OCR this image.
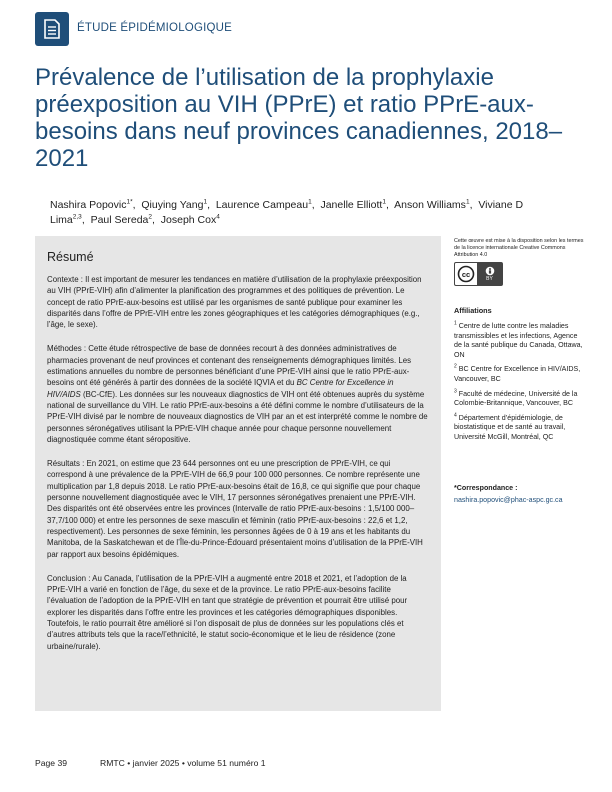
ÉTUDE ÉPIDÉMIOLOGIQUE
Prévalence de l’utilisation de la prophylaxie préexposition au VIH (PPrE) et ratio PPrE-aux-besoins dans neuf provinces canadiennes, 2018–2021
Nashira Popovic$^{1*}$,  Qiuying Yang$^1$,  Laurence Campeau$^1$,  Janelle Elliott$^1$,  Anson Williams$^1$,  Viviane D Lima$^{2,3}$,  Paul Sereda$^2$,  Joseph Cox$^4$
Résumé

Contexte : Il est important de mesurer les tendances en matière d’utilisation de la prophylaxie préexposition au VIH (PPrE-VIH) afin d’alimenter la planification des programmes et des politiques de prévention. Le concept de ratio PPrE-aux-besoins est utilisé par les organismes de santé publique pour examiner les disparités dans l’offre de PPrE-VIH entre les zones géographiques et les catégories démographiques (e.g., l’âge, le sexe).

Méthodes : Cette étude rétrospective de base de données recourt à des données administratives de pharmacies provenant de neuf provinces et contenant des renseignements démographiques limités. Les estimations annuelles du nombre de personnes bénéficiant d’une PPrE-VIH ainsi que le ratio PPrE-aux-besoins ont été générés à partir des données de la société IQVIA et du BC Centre for Excellence in HIV/AIDS (BC-CfE). Les données sur les nouveaux diagnostics de VIH ont été obtenues auprès du système national de surveillance du VIH. Le ratio PPrE-aux-besoins a été défini comme le nombre d’utilisateurs de la PPrE-VIH divisé par le nombre de nouveaux diagnostics de VIH par an et est interprété comme le nombre de personnes séronégatives utilisant la PPrE-VIH chaque année pour chaque personne nouvellement diagnostiquée comme étant séropositive.

Résultats : En 2021, on estime que 23 644 personnes ont eu une prescription de PPrE-VIH, ce qui correspond à une prévalence de la PPrE-VIH de 66,9 pour 100 000 personnes. Ce nombre représente une multiplication par 1,8 depuis 2018. Le ratio PPrE-aux-besoins était de 16,8, ce qui signifie que pour chaque personne nouvellement diagnostiquée avec le VIH, 17 personnes séronégatives prenaient une PPrE-VIH. Des disparités ont été observées entre les provinces (Intervalle de ratio PPrE-aux-besoins : 1,5/100 000–37,7/100 000) et entre les personnes de sexe masculin et féminin (ratio PPrE-aux-besoins : 22,6 et 1,2, respectivement). Les personnes de sexe féminin, les personnes âgées de 0 à 19 ans et les habitants du Manitoba, de la Saskatchewan et de l’Île-du-Prince-Édouard présentaient moins d’utilisation de la PPrE-VIH par rapport aux besoins épidémiques.

Conclusion : Au Canada, l’utilisation de la PPrE-VIH a augmenté entre 2018 et 2021, et l’adoption de la PPrE-VIH a varié en fonction de l’âge, du sexe et de la province. Le ratio PPrE-aux-besoins facilite l’évaluation de l’adoption de la PPrE-VIH en tant que stratégie de prévention et pourrait être utilisé pour explorer les disparités dans l’offre entre les provinces et les catégories démographiques disponibles. Toutefois, le ratio pourrait être amélioré si l’on disposait de plus de données sur les populations clés et d’autres attributs tels que la race/l’ethnicité, le statut socio-économique et le lieu de résidence (zone urbaine/rurale).

Cette œuvre est mise à la disposition selon les termes de la licence internationale Creative Commons Attribution 4.0
cc	BY
Affiliations
$^1$ Centre de lutte contre les maladies transmissibles et les infections, Agence de la santé publique du Canada, Ottawa, ON
$^2$ BC Centre for Excellence in HIV/AIDS, Vancouver, BC
$^3$ Faculté de médecine, Université de la Colombie-Britannique, Vancouver, BC
$^4$ Département d’épidémiologie, de biostatistique et de santé au travail, Université McGill, Montréal, QC
*Correspondance :
nashira.popovic@phac-aspc.gc.ca
Page 39	RMTC • janvier 2025 • volume 51 numéro 1
